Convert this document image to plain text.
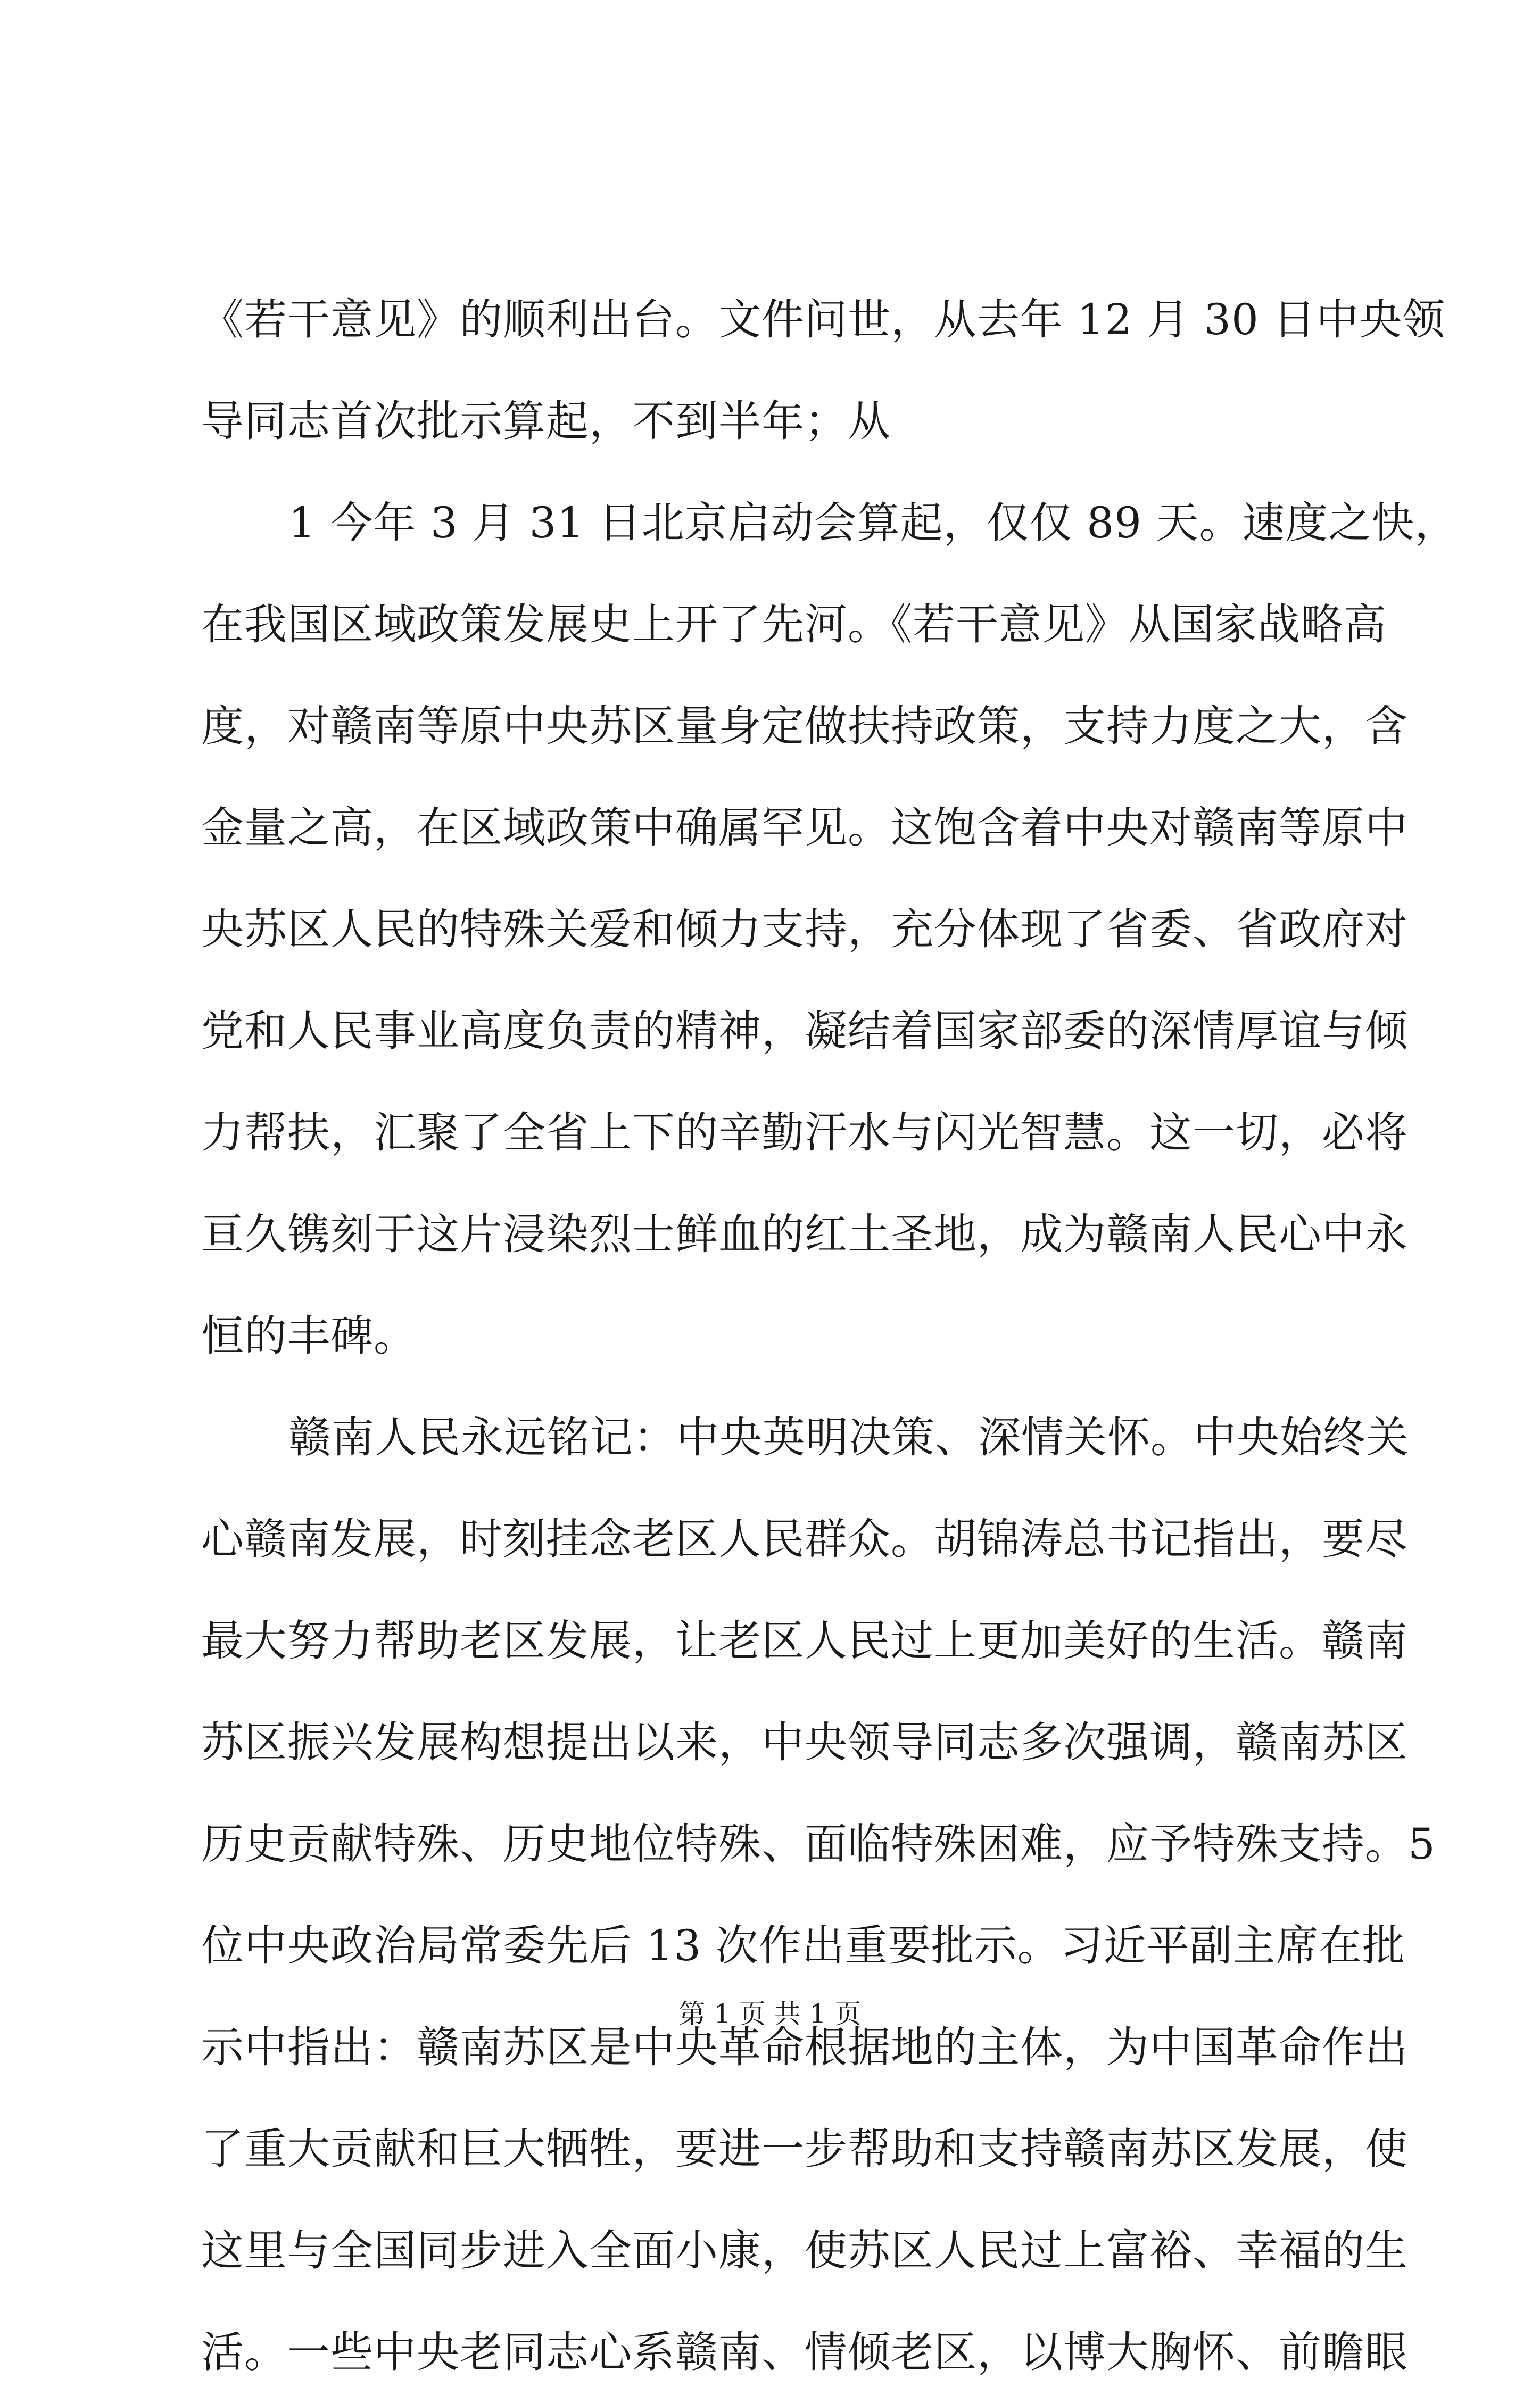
《若干意见》的顺利出台。文件问世，从去年 12 月 30 日中央领
导同志首次批示算起，不到半年；从
1 今年 3 月 31 日北京启动会算起，仅仅 89 天。速度之快，
在我国区域政策发展史上开了先河。《若干意见》从国家战略高
度，对赣南等原中央苏区量身定做扶持政策，支持力度之大，含
金量之高，在区域政策中确属罕见。这饱含着中央对赣南等原中
央苏区人民的特殊关爱和倾力支持，充分体现了省委、省政府对
党和人民事业高度负责的精神，凝结着国家部委的深情厚谊与倾
力帮扶，汇聚了全省上下的辛勤汗水与闪光智慧。这一切，必将
亘久镌刻于这片浸染烈士鲜血的红土圣地，成为赣南人民心中永
恒的丰碑。
赣南人民永远铭记：中央英明决策、深情关怀。中央始终关
心赣南发展，时刻挂念老区人民群众。胡锦涛总书记指出，要尽
最大努力帮助老区发展，让老区人民过上更加美好的生活。赣南
苏区振兴发展构想提出以来，中央领导同志多次强调，赣南苏区
历史贡献特殊、历史地位特殊、面临特殊困难，应予特殊支持。5
位中央政治局常委先后 13 次作出重要批示。习近平副主席在批
示中指出：赣南苏区是中央革命根据地的主体，为中国革命作出
了重大贡献和巨大牺牲，要进一步帮助和支持赣南苏区发展，使
这里与全国同步进入全面小康，使苏区人民过上富裕、幸福的生
活。一些中央老同志心系赣南、情倾老区，以博大胸怀、前瞻眼
第 1 页 共 1 页
